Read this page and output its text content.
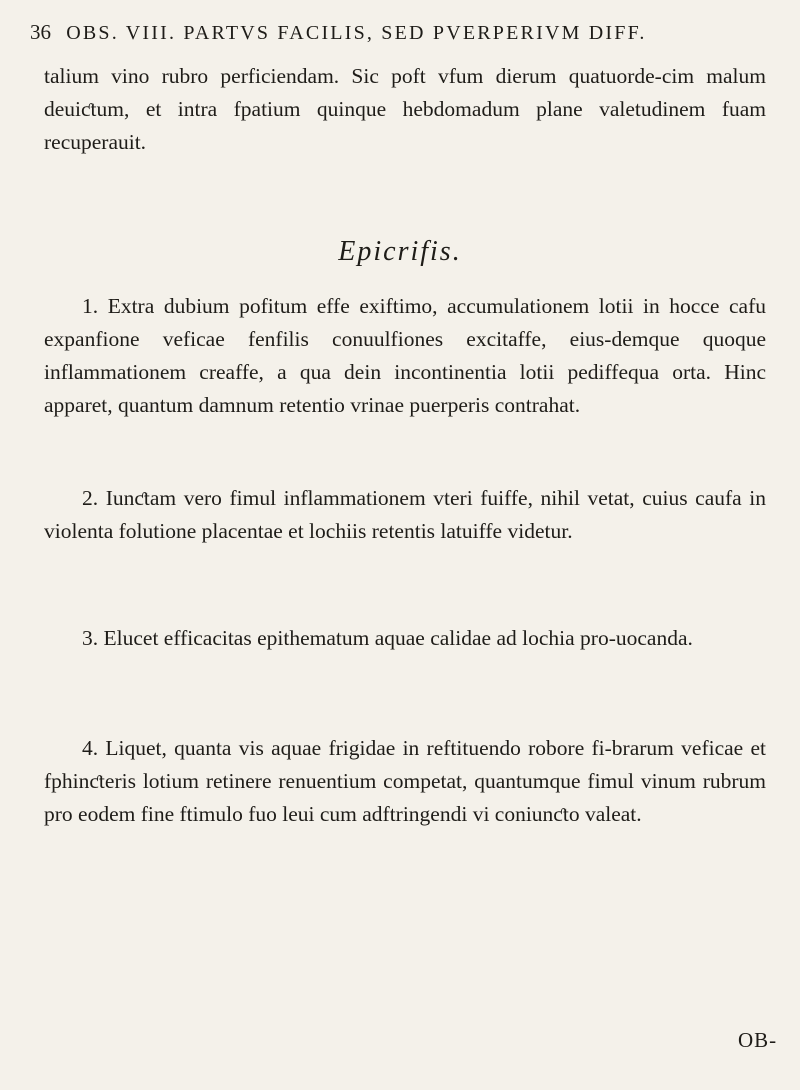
36 OBS. VIII. PARTVS FACILIS, SED PVERPERIVM DIFF.

talium vino rubro perficiendam. Sic poft vfum dierum quatuorde-cim malum deuiƈtum, et intra fpatium quinque hebdomadum plane valetudinem fuam recuperauit.

Epicrifis.

1. Extra dubium pofitum effe exiftimo, accumulationem lotii in hocce cafu expanfione veficae fenfilis conuulfiones excitaffe, eius-demque quoque inflammationem creaffe, a qua dein incontinentia lotii pediffequa orta. Hinc apparet, quantum damnum retentio vrinae puerperis contrahat.

2. Iunƈtam vero fimul inflammationem vteri fuiffe, nihil vetat, cuius caufa in violenta folutione placentae et lochiis retentis latuiffe videtur.

3. Elucet efficacitas epithematum aquae calidae ad lochia pro-uocanda.

4. Liquet, quanta vis aquae frigidae in reftituendo robore fi-brarum veficae et fphinƈteris lotium retinere renuentium competat, quantumque fimul vinum rubrum pro eodem fine ftimulo fuo leui cum adftringendi vi coniunƈto valeat.

OB-
